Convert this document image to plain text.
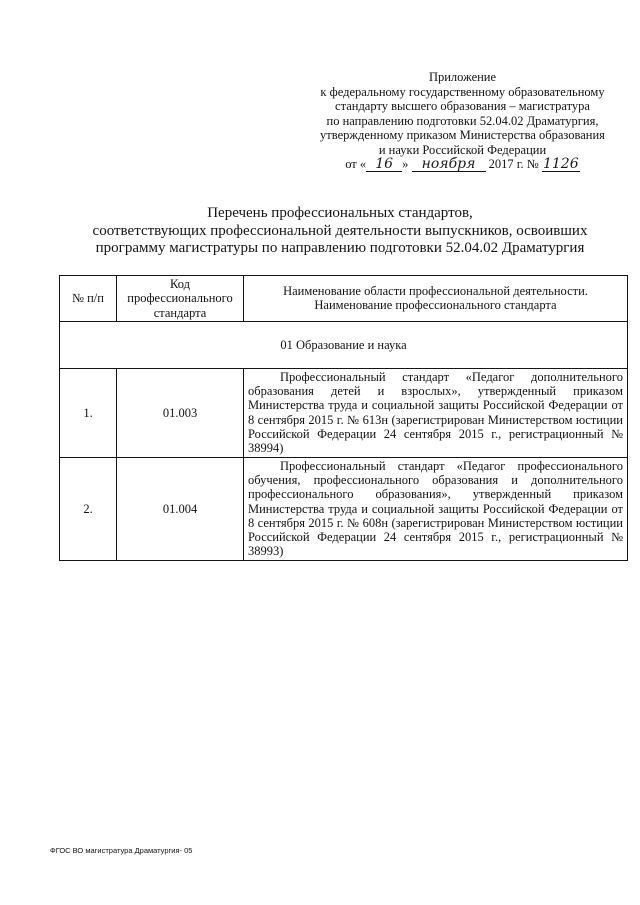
Приложение
к федеральному государственному образовательному
стандарту высшего образования – магистратура
по направлению подготовки 52.04.02 Драматургия,
утвержденному приказом Министерства образования
и науки Российской Федерации
от « 16 » ноября 2017 г. № 1126
Перечень профессиональных стандартов,
соответствующих профессиональной деятельности выпускников, освоивших
программу магистратуры по направлению подготовки 52.04.02 Драматургия
№ п/п	Код профессионального стандарта	Наименование области профессиональной деятельности.
Наименование профессионального стандарта

01 Образование и наука		
1.	01.003	Профессиональный стандарт «Педагог дополнительного образования детей и взрослых», утвержденный приказом Министерства труда и социальной защиты Российской Федерации от 8 сентября 2015 г. № 613н (зарегистрирован Министерством юстиции Российской Федерации 24 сентября 2015 г., регистрационный № 38994)

2.	01.004	Профессиональный стандарт «Педагог профессионального обучения, профессионального образования и дополнительного профессионального образования», утвержденный приказом Министерства труда и социальной защиты Российской Федерации от 8 сентября 2015 г. № 608н (зарегистрирован Министерством юстиции Российской Федерации 24 сентября 2015 г., регистрационный № 38993)
ФГОС ВО магистратура Драматургия- 05
